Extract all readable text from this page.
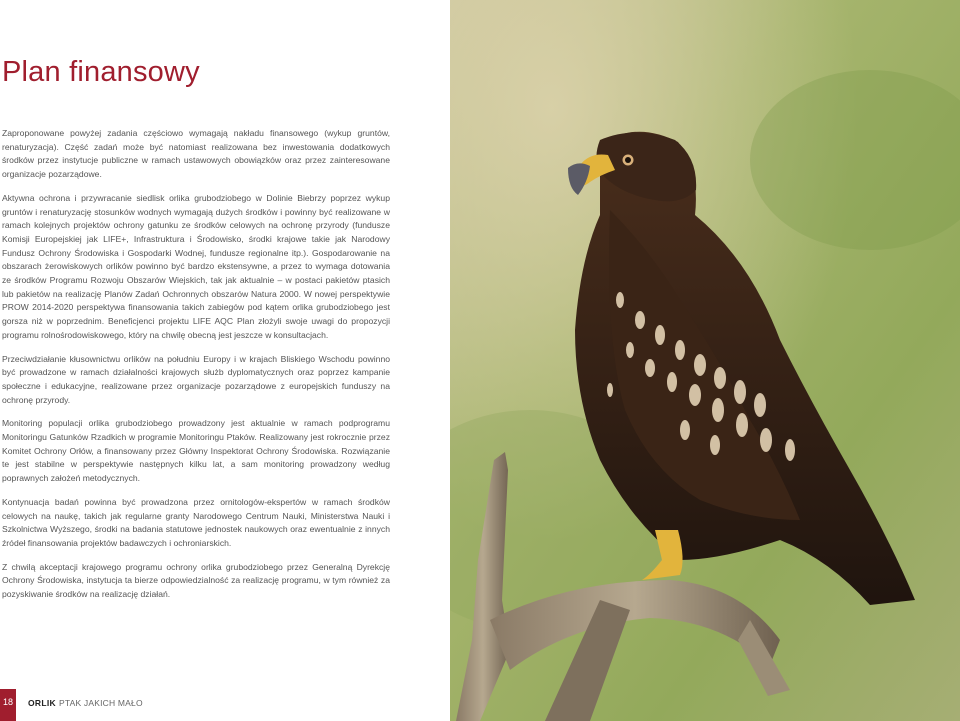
Plan finansowy

Zaproponowane powyżej zadania częściowo wymagają nakładu finansowego (wykup gruntów, renaturyzacja). Część zadań może być natomiast realizowana bez inwestowania dodatkowych środków przez instytucje publiczne w ramach ustawowych obowiązków oraz przez zainteresowane organizacje pozarządowe.

Aktywna ochrona i przywracanie siedlisk orlika grubodziobego w Dolinie Biebrzy poprzez wykup gruntów i renaturyzację stosunków wodnych wymagają dużych środków i powinny być realizowane w ramach kolejnych projektów ochrony gatunku ze środków celowych na ochronę przyrody (fundusze Komisji Europejskiej jak LIFE+, Infrastruktura i Środowisko, środki krajowe takie jak Narodowy Fundusz Ochrony Środowiska i Gospodarki Wodnej, fundusze regionalne itp.). Gospodarowanie na obszarach żerowiskowych orlików powinno być bardzo ekstensywne, a przez to wymaga dotowania ze środków Programu Rozwoju Obszarów Wiejskich, tak jak aktualnie – w postaci pakietów ptasich lub pakietów na realizację Planów Zadań Ochronnych obszarów Natura 2000. W nowej perspektywie PROW 2014-2020 perspektywa finansowania takich zabiegów pod kątem orlika grubodziobego jest gorsza niż w poprzednim. Beneficjenci projektu LIFE AQC Plan złożyli swoje uwagi do propozycji programu rolnośrodowiskowego, który na chwilę obecną jest jeszcze w konsultacjach.

Przeciwdziałanie kłusownictwu orlików na południu Europy i w krajach Bliskiego Wschodu powinno być prowadzone w ramach działalności krajowych służb dyplomatycznych oraz poprzez kampanie społeczne i edukacyjne, realizowane przez organizacje pozarządowe z europejskich funduszy na ochronę przyrody.

Monitoring populacji orlika grubodziobego prowadzony jest aktualnie w ramach podprogramu Monitoringu Gatunków Rzadkich w programie Monitoringu Ptaków. Realizowany jest rokrocznie przez Komitet Ochrony Orłów, a finansowany przez Główny Inspektorat Ochrony Środowiska. Rozwiązanie te jest stabilne w perspektywie następnych kilku lat, a sam monitoring prowadzony według poprawnych założeń metodycznych.

Kontynuacja badań powinna być prowadzona przez ornitologów-ekspertów w ramach środków celowych na naukę, takich jak regularne granty Narodowego Centrum Nauki, Ministerstwa Nauki i Szkolnictwa Wyższego, środki na badania statutowe jednostek naukowych oraz ewentualnie z innych źródeł finansowania projektów badawczych i ochroniarskich.

Z chwilą akceptacji krajowego programu ochrony orlika grubodziobego przez Generalną Dyrekcję Ochrony Środowiska, instytucja ta bierze odpowiedzialność za realizację programu, w tym również za pozyskiwanie środków na realizację działań.

18	ORLIK PTAK JAKICH MAŁO
